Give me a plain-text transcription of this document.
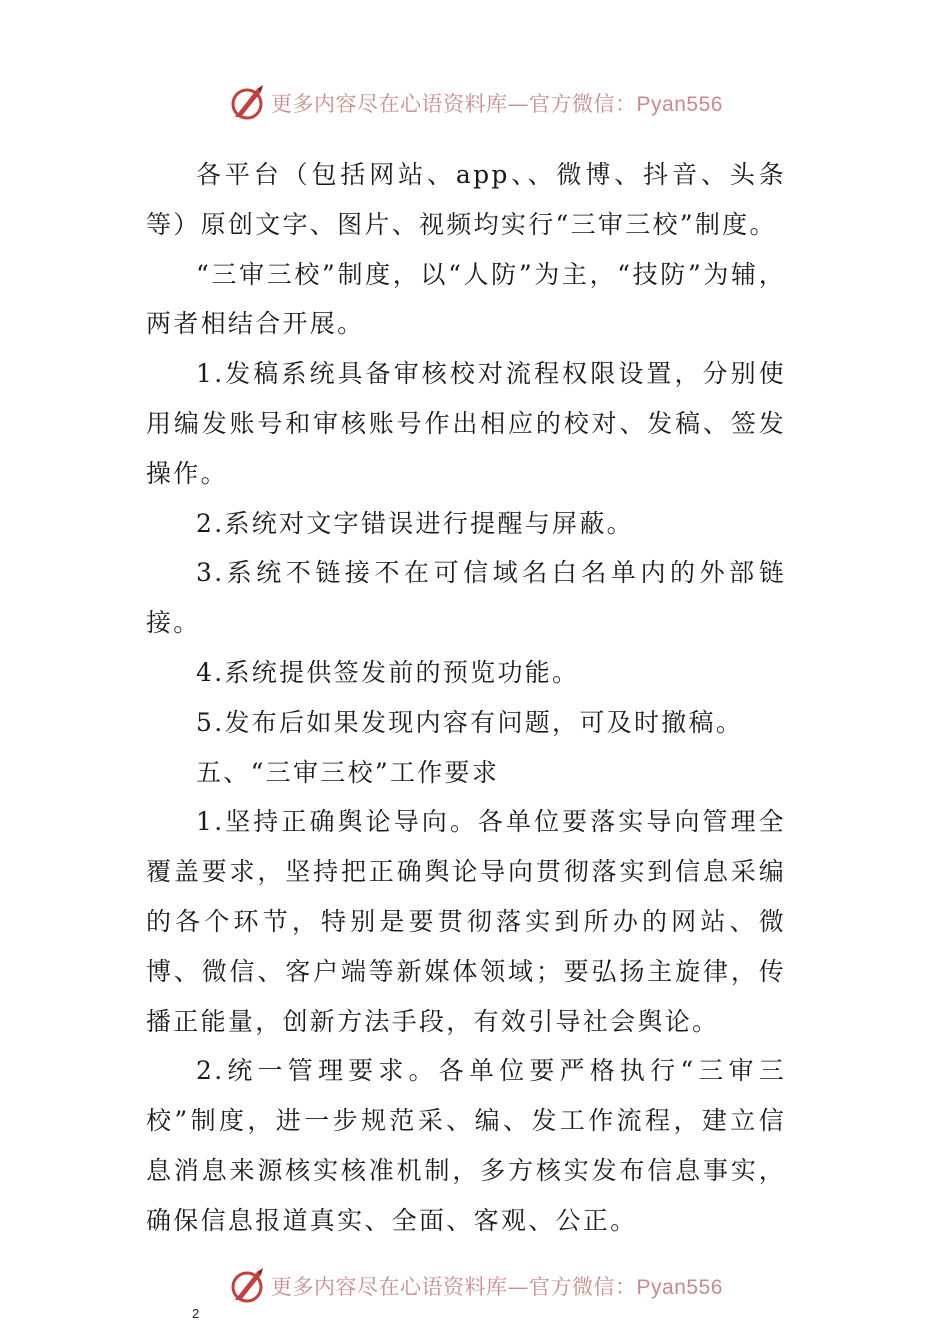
更多内容尽在心语资料库—官方微信：Pyan556

各平台（包括网站、app、、微博、抖音、头条等）原创文字、图片、视频均实行“三审三校”制度。

“三审三校”制度，以“人防”为主，“技防”为辅，两者相结合开展。

1.发稿系统具备审核校对流程权限设置，分别使用编发账号和审核账号作出相应的校对、发稿、签发操作。

2.系统对文字错误进行提醒与屏蔽。

3.系统不链接不在可信域名白名单内的外部链接。

4.系统提供签发前的预览功能。

5.发布后如果发现内容有问题，可及时撤稿。

五、“三审三校”工作要求

1.坚持正确舆论导向。各单位要落实导向管理全覆盖要求，坚持把正确舆论导向贯彻落实到信息采编的各个环节，特别是要贯彻落实到所办的网站、微博、微信、客户端等新媒体领域；要弘扬主旋律，传播正能量，创新方法手段，有效引导社会舆论。

2.统一管理要求。各单位要严格执行“三审三校”制度，进一步规范采、编、发工作流程，建立信息消息来源核实核准机制，多方核实发布信息事实，确保信息报道真实、全面、客观、公正。

更多内容尽在心语资料库—官方微信：Pyan556
2
